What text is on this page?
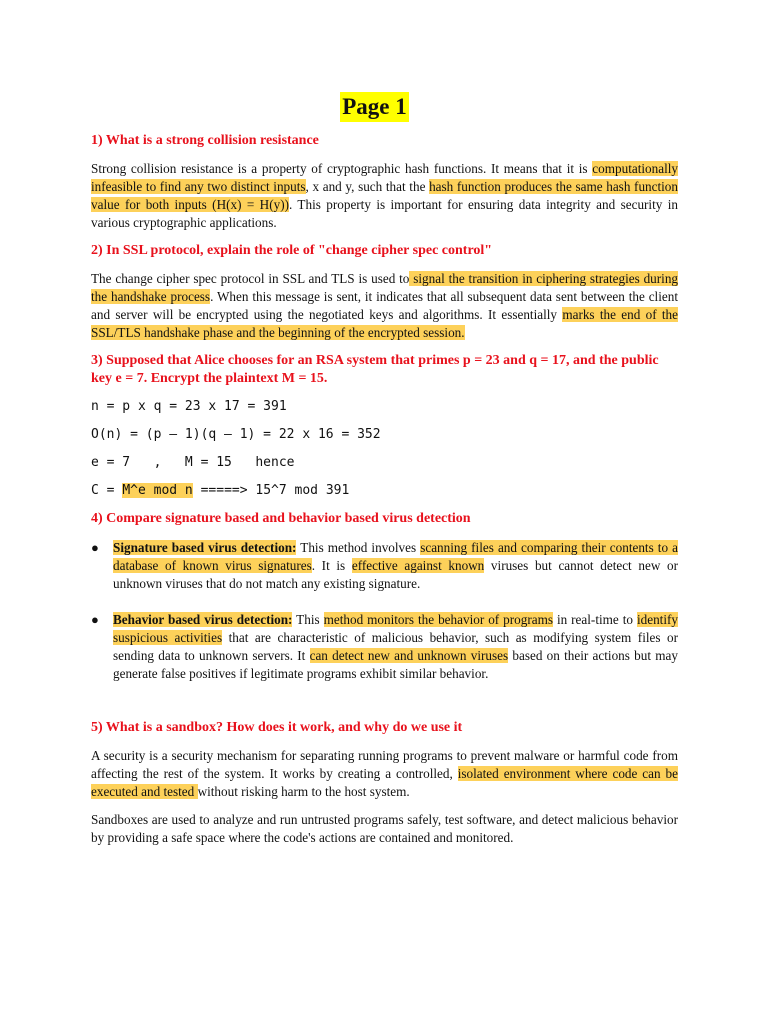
Page 1
1) What is a strong collision resistance

Strong collision resistance is a property of cryptographic hash functions. It means that it is computationally infeasible to find any two distinct inputs, x and y, such that the hash function produces the same hash function value for both inputs (H(x) = H(y)). This property is important for ensuring data integrity and security in various cryptographic applications.

2) In SSL protocol, explain the role of "change cipher spec control"

The change cipher spec protocol in SSL and TLS is used to signal the transition in ciphering strategies during the handshake process. When this message is sent, it indicates that all subsequent data sent between the client and server will be encrypted using the negotiated keys and algorithms. It essentially marks the end of the SSL/TLS handshake phase and the beginning of the encrypted session.

3) Supposed that Alice chooses for an RSA system that primes p = 23 and q = 17, and the public key e = 7. Encrypt the plaintext M = 15.
n = p x q = 23 x 17 = 391
O(n) = (p – 1)(q – 1) = 22 x 16 = 352
e = 7   ,   M = 15   hence
C = M^e mod n =====> 15^7 mod 391
4) Compare signature based and behavior based virus detection
● Signature based virus detection: This method involves scanning files and comparing their contents to a database of known virus signatures. It is effective against known viruses but cannot detect new or unknown viruses that do not match any existing signature.

● Behavior based virus detection: This method monitors the behavior of programs in real-time to identify suspicious activities that are characteristic of malicious behavior, such as modifying system files or sending data to unknown servers. It can detect new and unknown viruses based on their actions but may generate false positives if legitimate programs exhibit similar behavior.

5) What is a sandbox? How does it work, and why do we use it

A security is a security mechanism for separating running programs to prevent malware or harmful code from affecting the rest of the system. It works by creating a controlled, isolated environment where code can be executed and tested without risking harm to the host system.

Sandboxes are used to analyze and run untrusted programs safely, test software, and detect malicious behavior by providing a safe space where the code's actions are contained and monitored.
